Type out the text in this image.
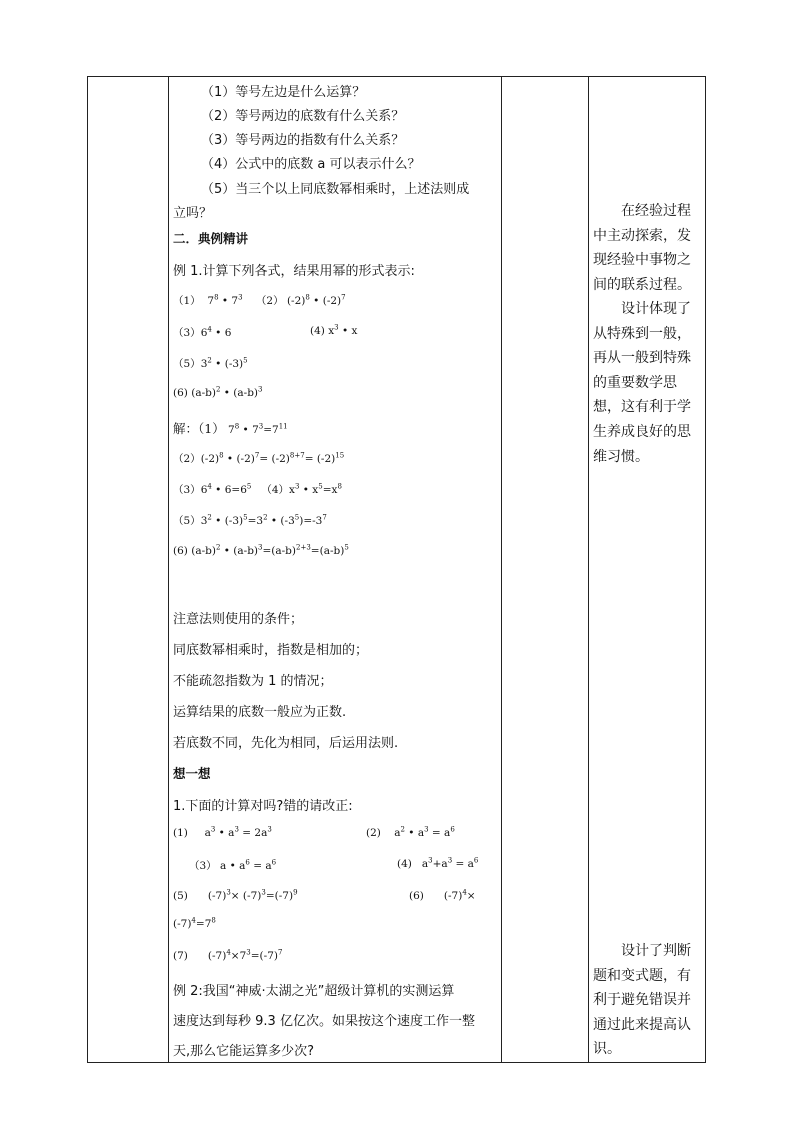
（1）等号左边是什么运算？
（2）等号两边的底数有什么关系？
（3）等号两边的指数有什么关系？
（4）公式中的底数 a 可以表示什么？
（5）当三个以上同底数幂相乘时，上述法则成
立吗？
二．典例精讲
例 1.计算下列各式，结果用幂的形式表示:
（1） $7^8$ • $7^3$ （2） $(-2)^8$ • $(-2)^7$
$(3)6^4$ • 6	(4) $x^3$ • x
$(5)3^2$ • $(-3)^5$
(6) $(a-b)^2$ • $(a-b)^3$
解：（1） $7^8$ • $7^3=7^{11}$
$(2)(-2)^8$ • $(-2)^7= (-2)^{8+7}= (-2)^{15}$
$(3)6^4$ • $6=6^5$ $(4)x^3$ • $x^5=x^8$
$(5)3^2$ • $(-3)^5=3^2$ • $(-3^5)=-3^7$
(6) $(a-b)^2$ • $(a-b)^3=(a-b)^{2+3}=(a-b)^5$
注意法则使用的条件；
同底数幂相乘时，指数是相加的；
不能疏忽指数为 1 的情况；
运算结果的底数一般应为正数.
若底数不同，先化为相同，后运用法则.
想一想
1.下面的计算对吗?错的请改正:
(1) $a^3$ • $a^3 = 2a^3$	(2) $a^2$ • $a^3 = a^6$
（3） a • $a^6 = a^6$	(4) $a^3+a^3 = a^6$
(5) $(-7)^3\times (-7)^3=(-7)^9$	(6) $(-7)^4\times$
$(-7)^4=7^8$
(7) $(-7)^4\times 7^3=(-7)^7$
例 2:我国“神威·太湖之光”超级计算机的实测运算
速度达到每秒 9.3 亿亿次。如果按这个速度工作一整
天,那么它能运算多少次?

在经验过程中主动探索，发现经验中事物之间的联系过程。

设计体现了从特殊到一般，再从一般到特殊的重要数学思想，这有利于学生养成良好的思维习惯。

设计了判断题和变式题，有利于避免错误并通过此来提高认识。
